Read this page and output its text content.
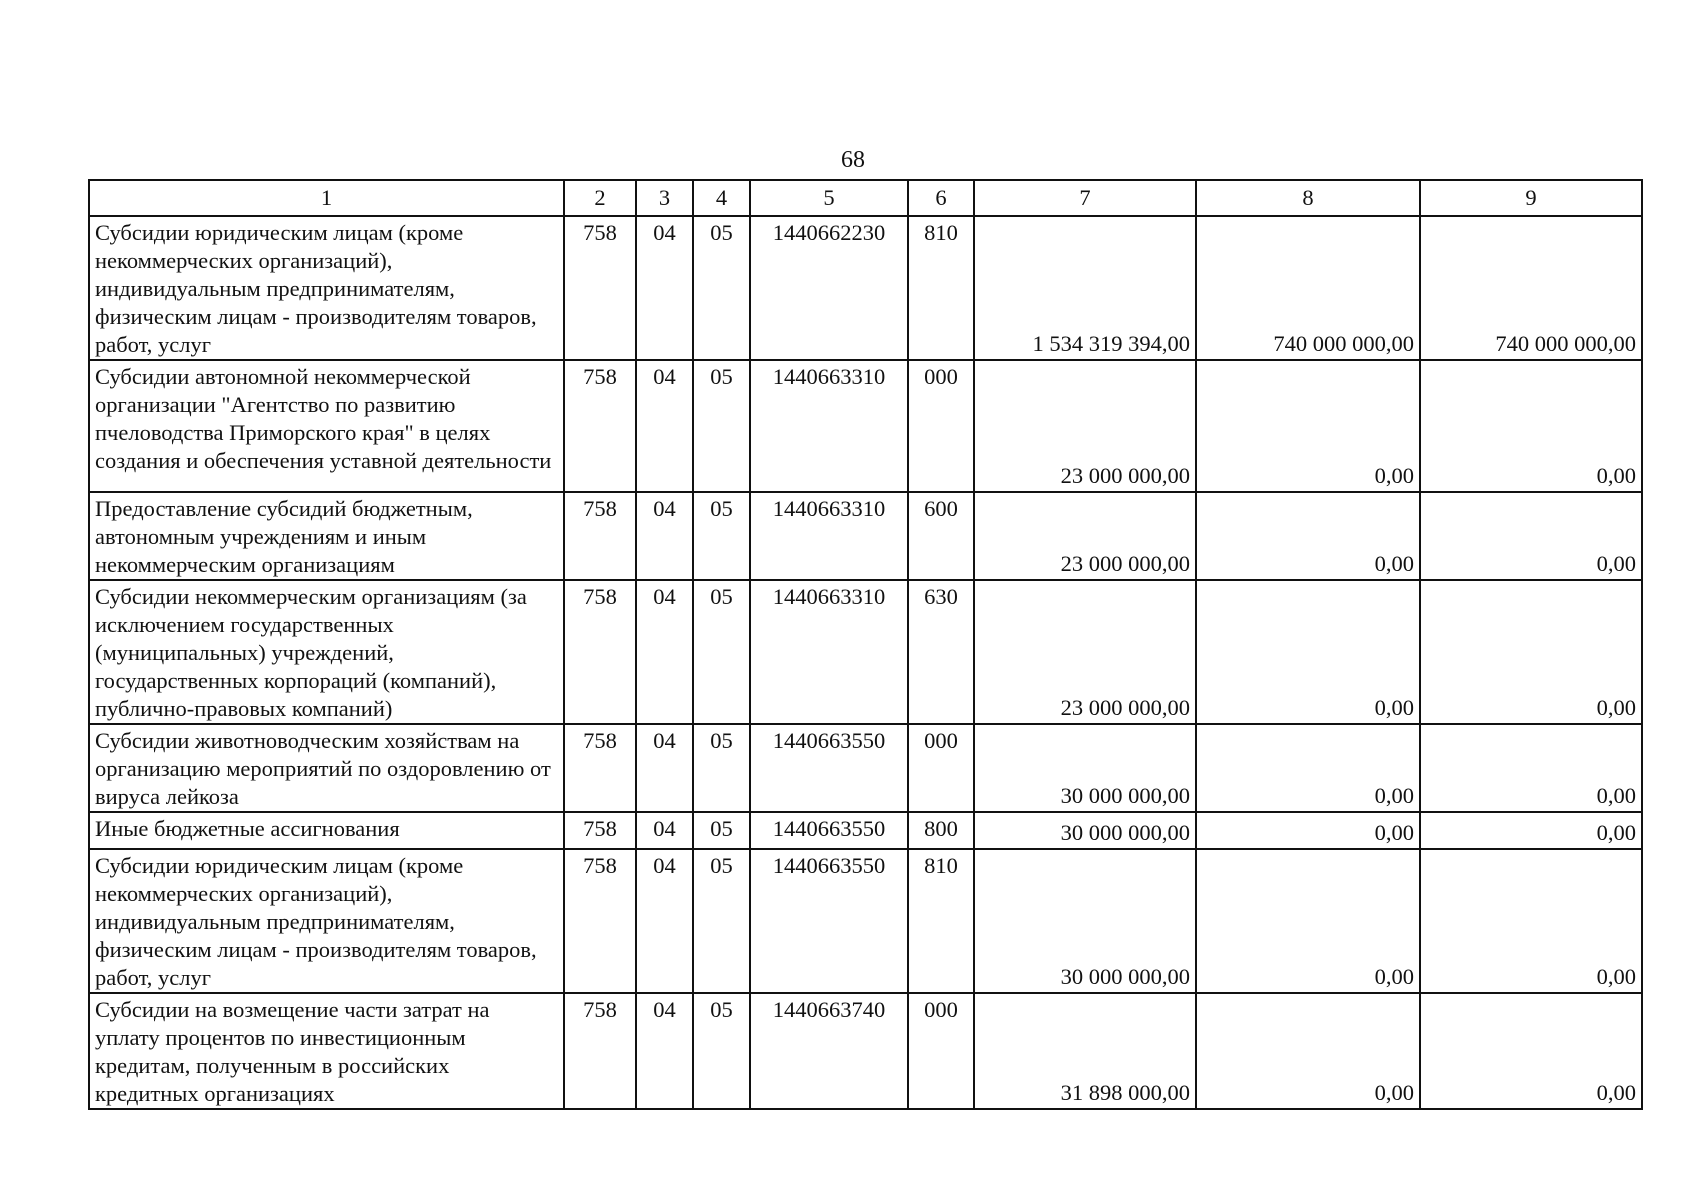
68
1	2	3	4	5	6	7	8	9
Субсидии юридическим лицам (кроме некоммерческих организаций), индивидуальным предпринимателям, физическим лицам - производителям товаров, работ, услуг	758	04	05	1440662230	810	1 534 319 394,00	740 000 000,00	740 000 000,00
Субсидии автономной некоммерческой организации "Агентство по развитию пчеловодства Приморского края" в целях создания и обеспечения уставной деятельности	758	04	05	1440663310	000	23 000 000,00	0,00	0,00
Предоставление субсидий бюджетным, автономным учреждениям и иным некоммерческим организациям	758	04	05	1440663310	600	23 000 000,00	0,00	0,00
Субсидии некоммерческим организациям (за исключением государственных (муниципальных) учреждений, государственных корпораций (компаний), публично-правовых компаний)	758	04	05	1440663310	630	23 000 000,00	0,00	0,00
Субсидии животноводческим хозяйствам на организацию мероприятий по оздоровлению от вируса лейкоза	758	04	05	1440663550	000	30 000 000,00	0,00	0,00
Иные бюджетные ассигнования	758	04	05	1440663550	800	30 000 000,00	0,00	0,00
Субсидии юридическим лицам (кроме некоммерческих организаций), индивидуальным предпринимателям, физическим лицам - производителям товаров, работ, услуг	758	04	05	1440663550	810	30 000 000,00	0,00	0,00
Субсидии на возмещение части затрат на уплату процентов по инвестиционным кредитам, полученным в российских кредитных организациях	758	04	05	1440663740	000	31 898 000,00	0,00	0,00
